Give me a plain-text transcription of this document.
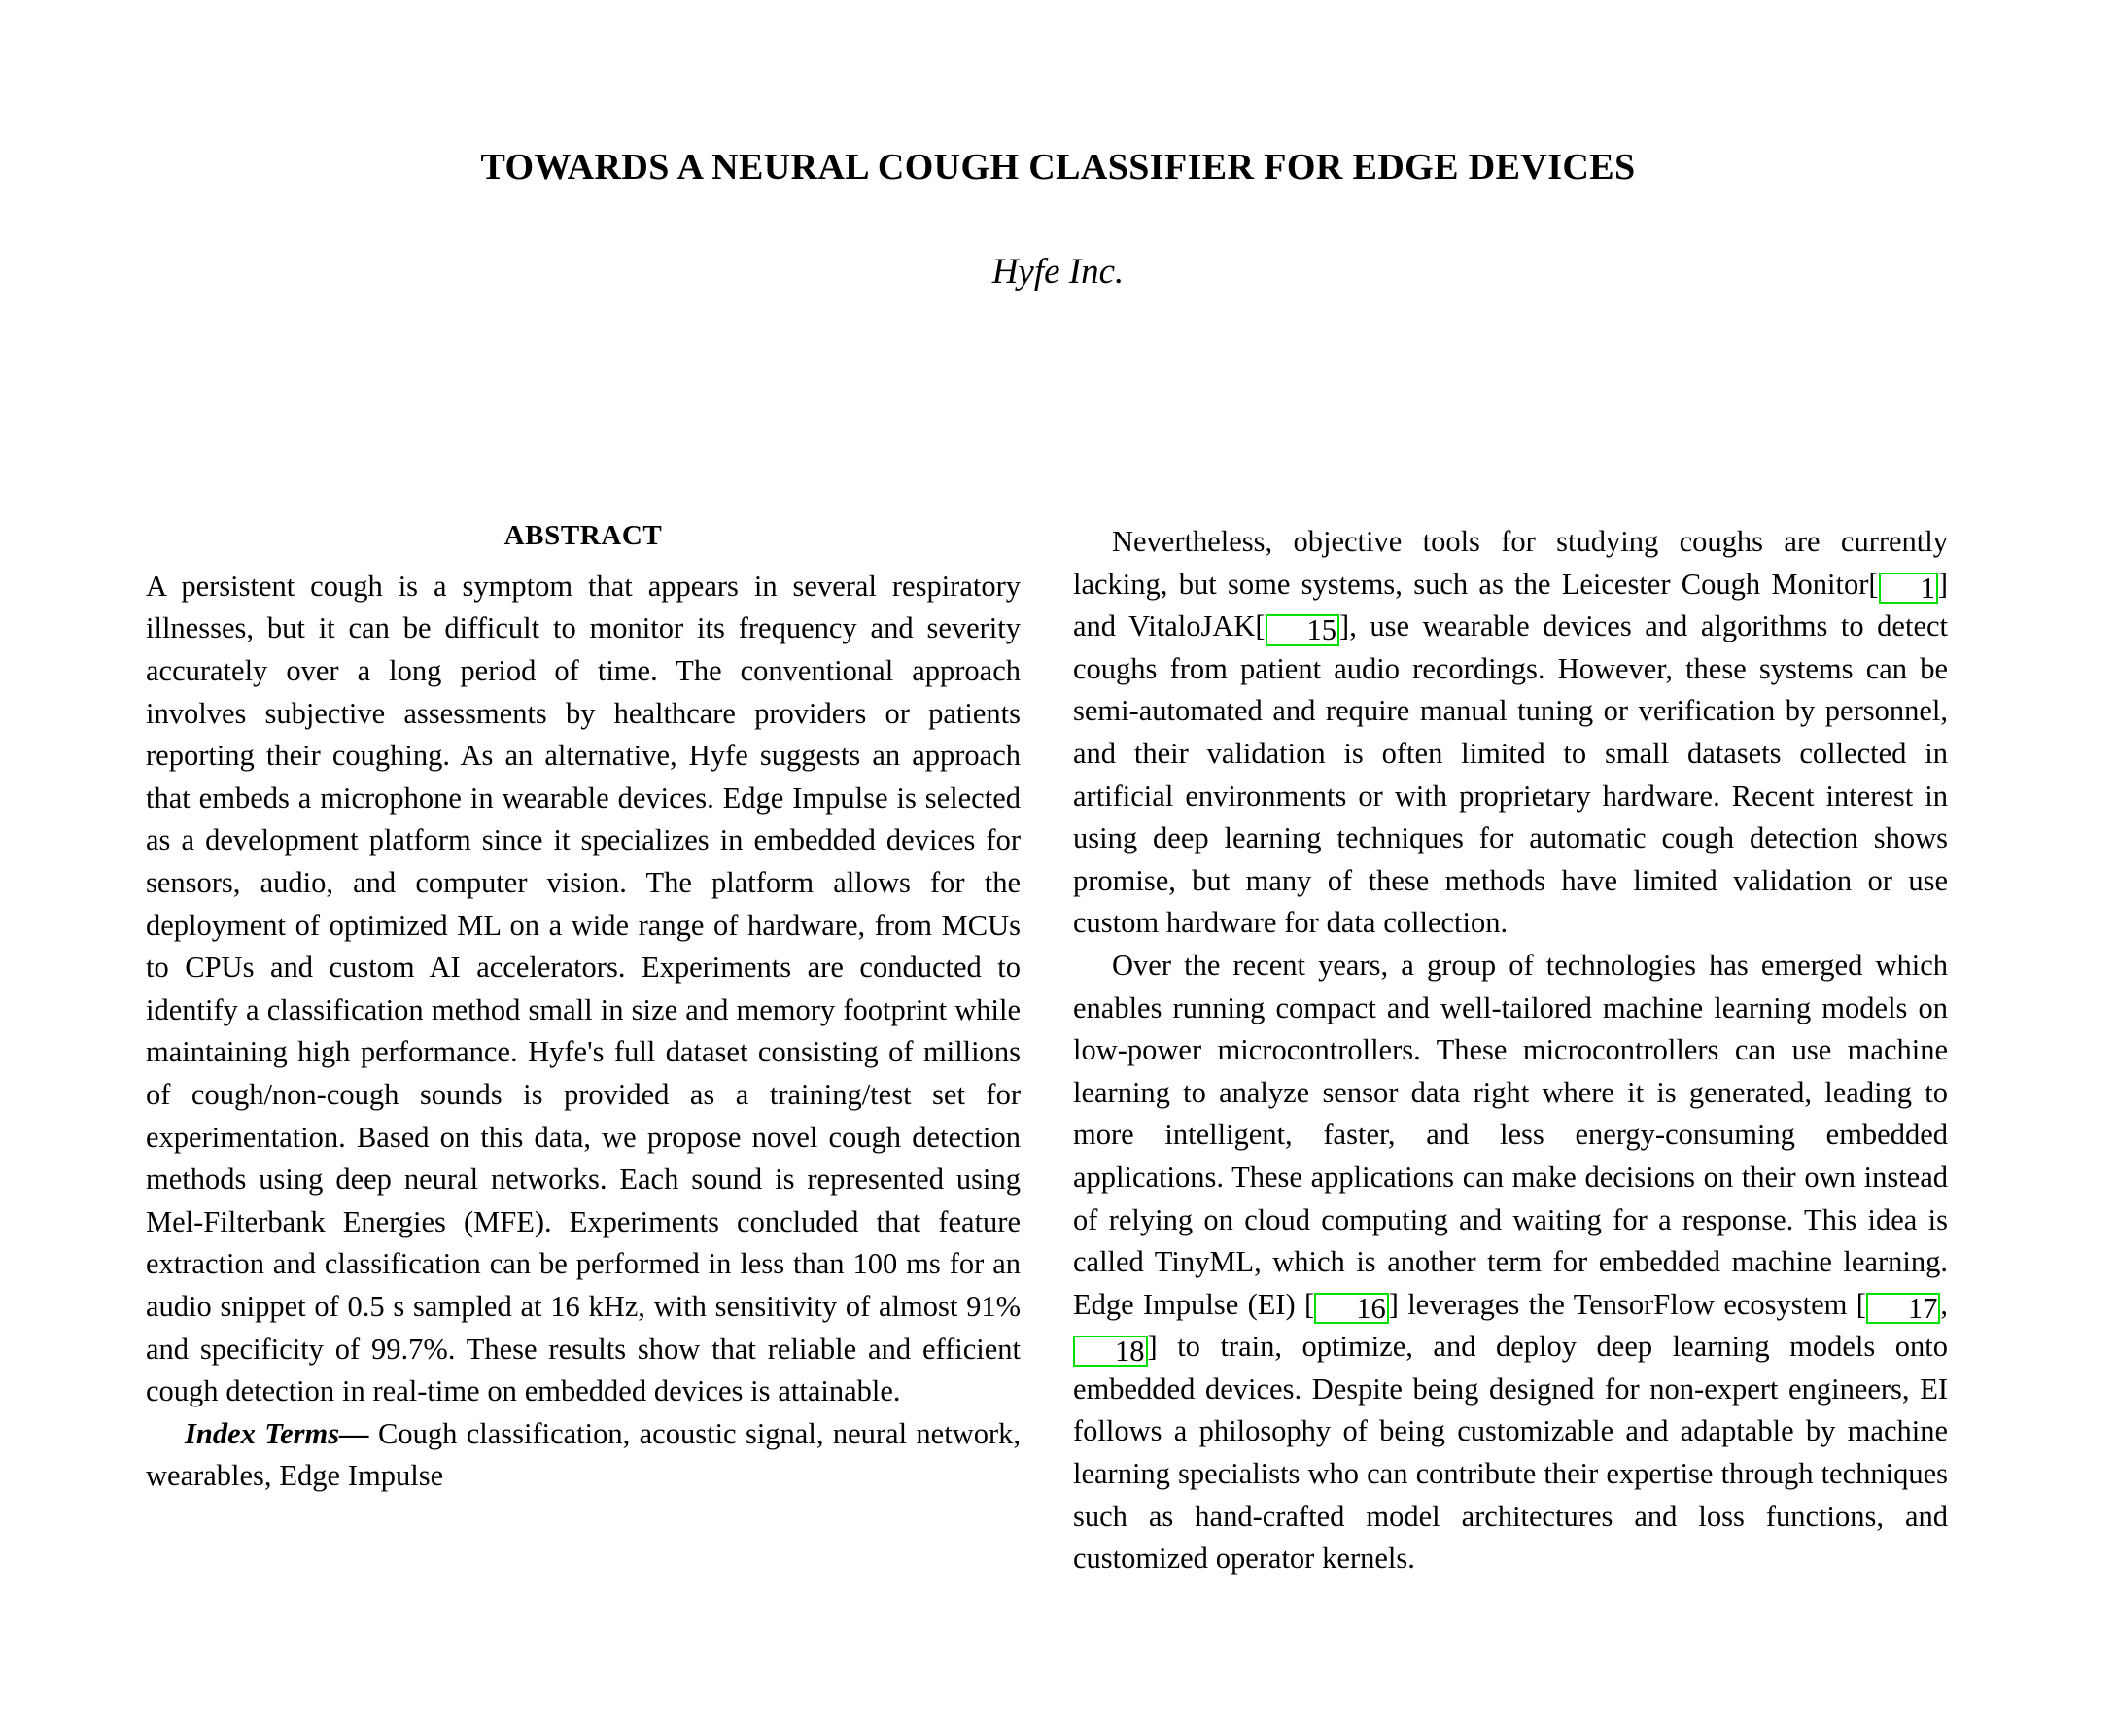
TOWARDS A NEURAL COUGH CLASSIFIER FOR EDGE DEVICES
Hyfe Inc.
ABSTRACT

A persistent cough is a symptom that appears in several respiratory illnesses, but it can be difficult to monitor its frequency and severity accurately over a long period of time. The conventional approach involves subjective assessments by healthcare providers or patients reporting their coughing. As an alternative, Hyfe suggests an approach that embeds a microphone in wearable devices. Edge Impulse is selected as a development platform since it specializes in embedded devices for sensors, audio, and computer vision. The platform allows for the deployment of optimized ML on a wide range of hardware, from MCUs to CPUs and custom AI accelerators. Experiments are conducted to identify a classification method small in size and memory footprint while maintaining high performance. Hyfe's full dataset consisting of millions of cough/non-cough sounds is provided as a training/test set for experimentation. Based on this data, we propose novel cough detection methods using deep neural networks. Each sound is represented using Mel-Filterbank Energies (MFE). Experiments concluded that feature extraction and classification can be performed in less than 100 ms for an audio snippet of 0.5 s sampled at 16 kHz, with sensitivity of almost 91% and specificity of 99.7%. These results show that reliable and efficient cough detection in real-time on embedded devices is attainable.

Index Terms— Cough classification, acoustic signal, neural network, wearables, Edge Impulse

Nevertheless, objective tools for studying coughs are currently lacking, but some systems, such as the Leicester Cough Monitor[ 1] and VitaloJAK[ 15], use wearable devices and algorithms to detect coughs from patient audio recordings. However, these systems can be semi-automated and require manual tuning or verification by personnel, and their validation is often limited to small datasets collected in artificial environments or with proprietary hardware. Recent interest in using deep learning techniques for automatic cough detection shows promise, but many of these methods have limited validation or use custom hardware for data collection.

Over the recent years, a group of technologies has emerged which enables running compact and well-tailored machine learning models on low-power microcontrollers. These microcontrollers can use machine learning to analyze sensor data right where it is generated, leading to more intelligent, faster, and less energy-consuming embedded applications. These applications can make decisions on their own instead of relying on cloud computing and waiting for a response. This idea is called TinyML, which is another term for embedded machine learning. Edge Impulse (EI) [ 16] leverages the TensorFlow ecosystem [ 17, 18] to train, optimize, and deploy deep learning models onto embedded devices. Despite being designed for non-expert engineers, EI follows a philosophy of being customizable and adaptable by machine learning specialists who can contribute their expertise through techniques such as hand-crafted model architectures and loss functions, and customized operator kernels.
